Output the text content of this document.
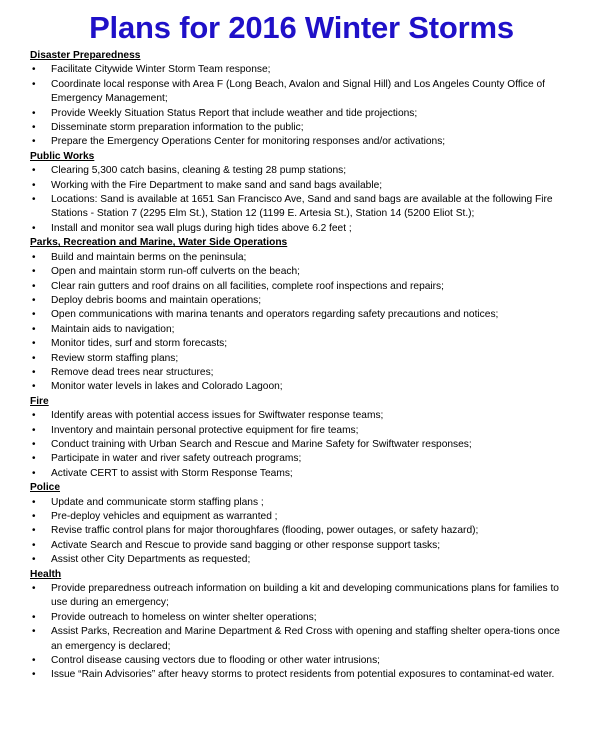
Plans for 2016 Winter Storms
Disaster Preparedness
• Facilitate Citywide Winter Storm Team response;
• Coordinate local response with Area F (Long Beach, Avalon and Signal Hill) and Los Angeles County Office of Emergency Management;
• Provide Weekly Situation Status Report that include weather and tide projections;
• Disseminate storm preparation information to the public;
• Prepare the Emergency Operations Center for monitoring responses and/or activations;
Public Works
• Clearing 5,300 catch basins, cleaning & testing 28 pump stations;
• Working with the Fire Department to make sand and sand bags available;
• Locations: Sand is available at 1651 San Francisco Ave, Sand and sand bags are available at the following Fire Stations - Station 7 (2295 Elm St.), Station 12 (1199 E. Artesia St.), Station 14 (5200 Eliot St.);
• Install and monitor sea wall plugs during high tides above 6.2 feet ;
Parks, Recreation and Marine, Water Side Operations
• Build and maintain berms on the peninsula;
• Open and maintain storm run-off culverts on the beach;
• Clear rain gutters and roof drains on all facilities, complete roof inspections and repairs;
• Deploy debris booms and maintain operations;
• Open communications with marina tenants and operators regarding safety precautions and notices;
• Maintain aids to navigation;
• Monitor tides, surf and storm forecasts;
• Review storm staffing plans;
• Remove dead trees near structures;
• Monitor water levels in lakes and Colorado Lagoon;
Fire
• Identify areas with potential access issues for Swiftwater response teams;
• Inventory and maintain personal protective equipment for fire teams;
• Conduct training with Urban Search and Rescue and Marine Safety for Swiftwater responses;
• Participate in water and river safety outreach programs;
• Activate CERT to assist with Storm Response Teams;
Police
• Update and communicate storm staffing plans ;
• Pre-deploy vehicles and equipment as warranted ;
• Revise traffic control plans for major thoroughfares (flooding, power outages, or safety hazard);
• Activate Search and Rescue to provide sand bagging or other response support tasks;
• Assist other City Departments as requested;
Health
• Provide preparedness outreach information on building a kit and developing communications plans for families to use during an emergency;
• Provide outreach to homeless on winter shelter operations;
• Assist Parks, Recreation and Marine Department & Red Cross with opening and staffing shelter opera-tions once an emergency is declared;
• Control disease causing vectors due to flooding or other water intrusions;
• Issue “Rain Advisories” after heavy storms to protect residents from potential exposures to contaminat-ed water.
